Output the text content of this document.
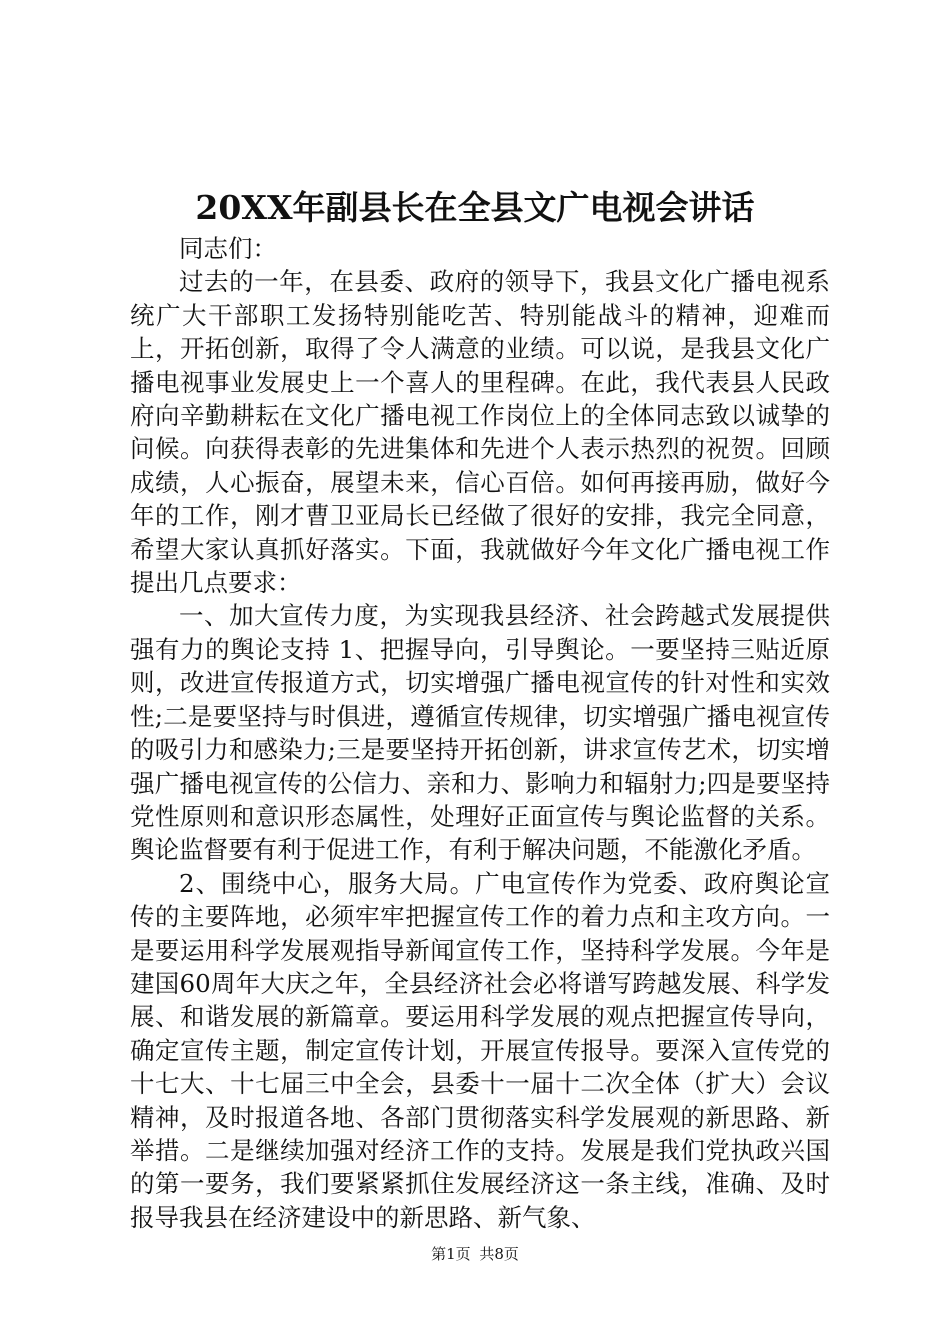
20XX年副县长在全县文广电视会讲话

同志们：

过去的一年，在县委、政府的领导下，我县文化广播电视系统广大干部职工发扬特别能吃苦、特别能战斗的精神，迎难而上，开拓创新，取得了令人满意的业绩。可以说，是我县文化广播电视事业发展史上一个喜人的里程碑。在此，我代表县人民政府向辛勤耕耘在文化广播电视工作岗位上的全体同志致以诚挚的问候。向获得表彰的先进集体和先进个人表示热烈的祝贺。回顾成绩，人心振奋，展望未来，信心百倍。如何再接再励，做好今年的工作，刚才曹卫亚局长已经做了很好的安排，我完全同意，希望大家认真抓好落实。下面，我就做好今年文化广播电视工作提出几点要求：

一、加大宣传力度，为实现我县经济、社会跨越式发展提供强有力的舆论支持 1、把握导向，引导舆论。一要坚持三贴近原则，改进宣传报道方式，切实增强广播电视宣传的针对性和实效性;二是要坚持与时俱进，遵循宣传规律，切实增强广播电视宣传的吸引力和感染力;三是要坚持开拓创新，讲求宣传艺术，切实增强广播电视宣传的公信力、亲和力、影响力和辐射力;四是要坚持党性原则和意识形态属性，处理好正面宣传与舆论监督的关系。舆论监督要有利于促进工作，有利于解决问题，不能激化矛盾。

2、围绕中心，服务大局。广电宣传作为党委、政府舆论宣传的主要阵地，必须牢牢把握宣传工作的着力点和主攻方向。一是要运用科学发展观指导新闻宣传工作，坚持科学发展。今年是建国60周年大庆之年，全县经济社会必将谱写跨越发展、科学发展、和谐发展的新篇章。要运用科学发展的观点把握宣传导向，确定宣传主题，制定宣传计划，开展宣传报导。要深入宣传党的十七大、十七届三中全会，县委十一届十二次全体（扩大）会议精神，及时报道各地、各部门贯彻落实科学发展观的新思路、新举措。二是继续加强对经济工作的支持。发展是我们党执政兴国的第一要务，我们要紧紧抓住发展经济这一条主线，准确、及时报导我县在经济建设中的新思路、新气象、

第1页 共8页
